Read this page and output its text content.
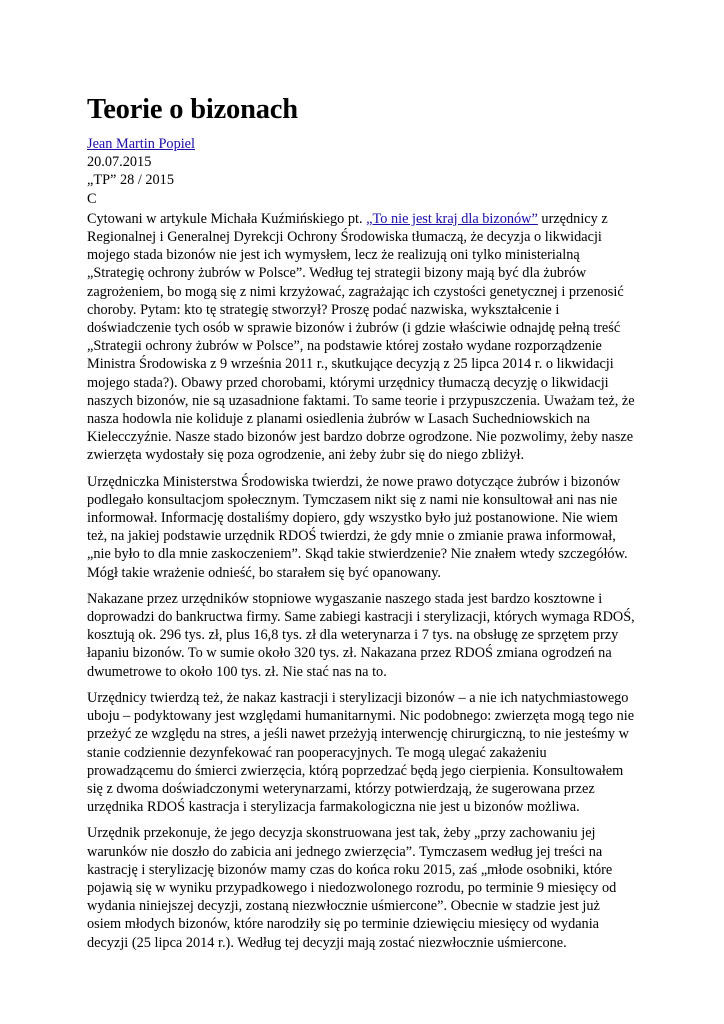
Teorie o bizonach
Jean Martin Popiel
20.07.2015
„TP” 28 / 2015
C

Cytowani w artykule Michała Kuźmińskiego pt. „To nie jest kraj dla bizonów” urzędnicy z Regionalnej i Generalnej Dyrekcji Ochrony Środowiska tłumaczą, że decyzja o likwidacji mojego stada bizonów nie jest ich wymysłem, lecz że realizują oni tylko ministerialną „Strategię ochrony żubrów w Polsce”. Według tej strategii bizony mają być dla żubrów zagrożeniem, bo mogą się z nimi krzyżować, zagrażając ich czystości genetycznej i przenosić choroby. Pytam: kto tę strategię stworzył? Proszę podać nazwiska, wykształcenie i doświadczenie tych osób w sprawie bizonów i żubrów (i gdzie właściwie odnajdę pełną treść „Strategii ochrony żubrów w Polsce”, na podstawie której zostało wydane rozporządzenie Ministra Środowiska z 9 września 2011 r., skutkujące decyzją z 25 lipca 2014 r. o likwidacji mojego stada?). Obawy przed chorobami, którymi urzędnicy tłumaczą decyzję o likwidacji naszych bizonów, nie są uzasadnione faktami. To same teorie i przypuszczenia. Uważam też, że nasza hodowla nie koliduje z planami osiedlenia żubrów w Lasach Suchedniowskich na Kielecczyźnie. Nasze stado bizonów jest bardzo dobrze ogrodzone. Nie pozwolimy, żeby nasze zwierzęta wydostały się poza ogrodzenie, ani żeby żubr się do niego zbliżył.

Urzędniczka Ministerstwa Środowiska twierdzi, że nowe prawo dotyczące żubrów i bizonów podlegało konsultacjom społecznym. Tymczasem nikt się z nami nie konsultował ani nas nie informował. Informację dostaliśmy dopiero, gdy wszystko było już postanowione. Nie wiem też, na jakiej podstawie urzędnik RDOŚ twierdzi, że gdy mnie o zmianie prawa informował, „nie było to dla mnie zaskoczeniem”. Skąd takie stwierdzenie? Nie znałem wtedy szczegółów. Mógł takie wrażenie odnieść, bo starałem się być opanowany.

Nakazane przez urzędników stopniowe wygaszanie naszego stada jest bardzo kosztowne i doprowadzi do bankructwa firmy. Same zabiegi kastracji i sterylizacji, których wymaga RDOŚ, kosztują ok. 296 tys. zł, plus 16,8 tys. zł dla weterynarza i 7 tys. na obsługę ze sprzętem przy łapaniu bizonów. To w sumie około 320 tys. zł. Nakazana przez RDOŚ zmiana ogrodzeń na dwumetrowe to około 100 tys. zł. Nie stać nas na to.

Urzędnicy twierdzą też, że nakaz kastracji i sterylizacji bizonów – a nie ich natychmiastowego uboju – podyktowany jest względami humanitarnymi. Nic podobnego: zwierzęta mogą tego nie przeżyć ze względu na stres, a jeśli nawet przeżyją interwencję chirurgiczną, to nie jesteśmy w stanie codziennie dezynfekować ran pooperacyjnych. Te mogą ulegać zakażeniu prowadzącemu do śmierci zwierzęcia, którą poprzedzać będą jego cierpienia. Konsultowałem się z dwoma doświadczonymi weterynarzami, którzy potwierdzają, że sugerowana przez urzędnika RDOŚ kastracja i sterylizacja farmakologiczna nie jest u bizonów możliwa.

Urzędnik przekonuje, że jego decyzja skonstruowana jest tak, żeby „przy zachowaniu jej warunków nie doszło do zabicia ani jednego zwierzęcia”. Tymczasem według jej treści na kastrację i sterylizację bizonów mamy czas do końca roku 2015, zaś „młode osobniki, które pojawią się w wyniku przypadkowego i niedozwolonego rozrodu, po terminie 9 miesięcy od wydania niniejszej decyzji, zostaną niezwłocznie uśmiercone”. Obecnie w stadzie jest już osiem młodych bizonów, które narodziły się po terminie dziewięciu miesięcy od wydania decyzji (25 lipca 2014 r.). Według tej decyzji mają zostać niezwłocznie uśmiercone.
